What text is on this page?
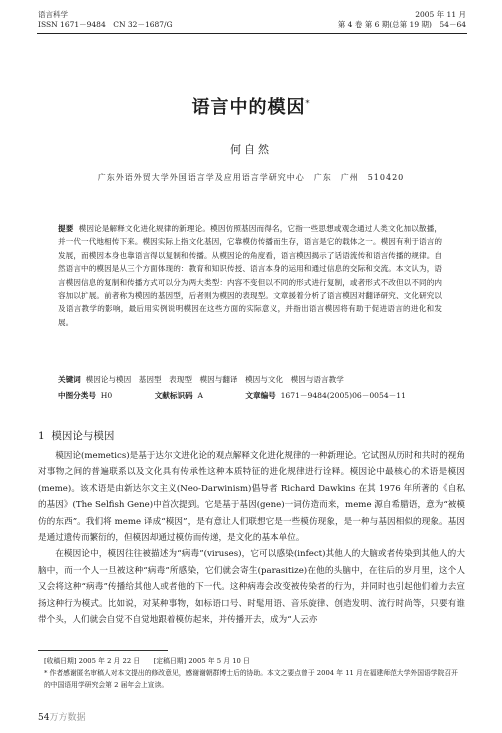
语言科学
ISSN 1671－9484　CN 32－1687/G
2005 年 11 月
第 4 卷 第 6 期(总第 19 期)　54－64
语言中的模因*
何自然
广东外语外贸大学外国语言学及应用语言学研究中心　广东　广州　510420
提要 模因论是解释文化进化规律的新理论。模因仿照基因而得名，它指一些思想或观念通过人类文化加以散播，并一代一代地相传下来。模因实际上指文化基因，它靠模仿传播而生存，语言是它的载体之一。模因有利于语言的发展，而模因本身也靠语言得以复制和传播。从模因论的角度看，语言模因揭示了话语流传和语言传播的规律。自然语言中的模因是从三个方面体现的：教育和知识传授、语言本身的运用和通过信息的交际和交流。本文认为，语言模因信息的复制和传播方式可以分为两大类型：内容不变但以不同的形式进行复制，或者形式不改但以不同的内容加以扩展。前者称为模因的基因型，后者则为模因的表现型。文章援着分析了语言模因对翻译研究、文化研究以及语言教学的影响，最后用实例说明模因在这些方面的实际意义，并指出语言模因将有助于促进语言的进化和发展。
关键词 模因论与模因　基因型　表现型　模因与翻译　模因与文化　模因与语言教学
中图分类号 H0	文献标识码 A	文章编号 1671－9484(2005)06－0054－11
1 模因论与模因

模因论(memetics)是基于达尔文进化论的观点解释文化进化规律的一种新理论。它试图从历时和共时的视角对事物之间的普遍联系以及文化具有传承性这种本质特征的进化规律进行诠释。模因论中最核心的术语是模因(meme)。该术语是由新达尔文主义(Neo-Darwinism)倡导者 Richard Dawkins 在其 1976 年所著的《自私的基因》(The Selfish Gene)中首次提到。它是基于基因(gene)一词仿造而来，meme 源自希腊语，意为“被模仿的东西”。我们将 meme 译成“模因”，是有意让人们联想它是一些模仿现象，是一种与基因相似的现象。基因是通过遗传而繁衍的，但模因却通过模仿而传递，是文化的基本单位。

在模因论中，模因往往被描述为“病毒”(viruses)，它可以感染(infect)其他人的大脑或者传染到其他人的大脑中，而一个人一旦被这种“病毒”所感染，它们就会寄生(parasitize)在他的头脑中，在往后的岁月里，这个人又会将这种“病毒”传播给其他人或者他的下一代。这种病毒会改变被传染者的行为，并同时也引起他们着力去宣扬这种行为模式。比如说，对某种事物，如标语口号、时髦用语、音乐旋律、创造发明、流行时尚等，只要有谁带个头，人们就会自觉不自觉地跟着模仿起来，并传播开去，成为“人云亦

[收稿日期] 2005 年 2 月 22 日　　[定稿日期] 2005 年 5 月 10 日

* 作者感谢匿名审稿人对本文提出的修改意见，感谢谢朝群博士后的协助。本文之要点曾于 2004 年 11 月在福建师范大学外国语学院召开的中国语用学研究会第 2 届年会上宣读。

54万方数据
